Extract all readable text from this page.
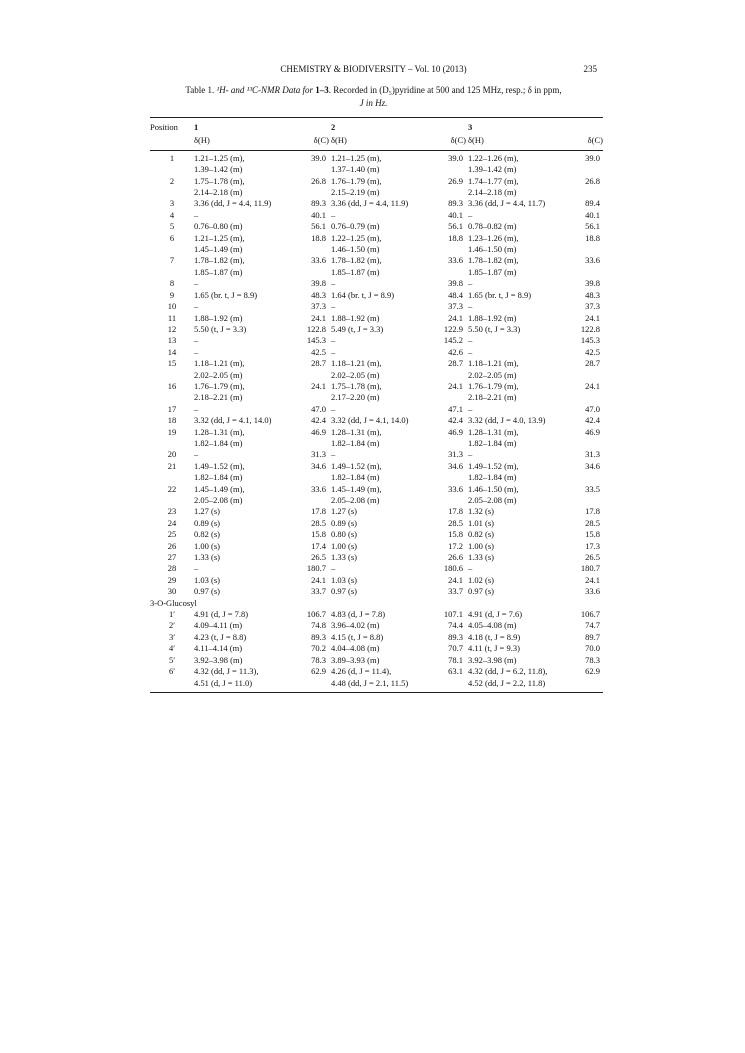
CHEMISTRY & BIODIVERSITY – Vol. 10 (2013)	235
Table 1. ¹H- and ¹³C-NMR Data for 1–3. Recorded in (D₅)pyridine at 500 and 125 MHz, resp.; δ in ppm,
J in Hz.
Position	1			2			3	
	δ(H)	δ(C)		δ(H)	δ(C)		δ(H)	δ(C)
1	1.21–1.25 (m),	39.0		1.21–1.25 (m),	39.0		1.22–1.26 (m),	39.0
	1.39–1.42 (m)			1.37–1.40 (m)			1.39–1.42 (m)	
2	1.75–1.78 (m),	26.8		1.76–1.79 (m),	26.9		1.74–1.77 (m),	26.8
	2.14–2.18 (m)			2.15–2.19 (m)			2.14–2.18 (m)	
3	3.36 (dd, J = 4.4, 11.9)	89.3		3.36 (dd, J = 4.4, 11.9)	89.3		3.36 (dd, J = 4.4, 11.7)	89.4
4	–	40.1		–	40.1		–	40.1
5	0.76–0.80 (m)	56.1		0.76–0.79 (m)	56.1		0.78–0.82 (m)	56.1
6	1.21–1.25 (m),	18.8		1.22–1.25 (m),	18.8		1.23–1.26 (m),	18.8
	1.45–1.49 (m)			1.46–1.50 (m)			1.46–1.50 (m)	
7	1.78–1.82 (m),	33.6		1.78–1.82 (m),	33.6		1.78–1.82 (m),	33.6
	1.85–1.87 (m)			1.85–1.87 (m)			1.85–1.87 (m)	
8	–	39.8		–	39.8		–	39.8
9	1.65 (br. t, J = 8.9)	48.3		1.64 (br. t, J = 8.9)	48.4		1.65 (br. t, J = 8.9)	48.3
10	–	37.3		–	37.3		–	37.3
11	1.88–1.92 (m)	24.1		1.88–1.92 (m)	24.1		1.88–1.92 (m)	24.1
12	5.50 (t, J = 3.3)	122.8		5.49 (t, J = 3.3)	122.9		5.50 (t, J = 3.3)	122.8
13	–	145.3		–	145.2		–	145.3
14	–	42.5		–	42.6		–	42.5
15	1.18–1.21 (m),	28.7		1.18–1.21 (m),	28.7		1.18–1.21 (m),	28.7
	2.02–2.05 (m)			2.02–2.05 (m)			2.02–2.05 (m)	
16	1.76–1.79 (m),	24.1		1.75–1.78 (m),	24.1		1.76–1.79 (m),	24.1
	2.18–2.21 (m)			2.17–2.20 (m)			2.18–2.21 (m)	
17	–	47.0		–	47.1		–	47.0
18	3.32 (dd, J = 4.1, 14.0)	42.4		3.32 (dd, J = 4.1, 14.0)	42.4		3.32 (dd, J = 4.0, 13.9)	42.4
19	1.28–1.31 (m),	46.9		1.28–1.31 (m),	46.9		1.28–1.31 (m),	46.9
	1.82–1.84 (m)			1.82–1.84 (m)			1.82–1.84 (m)	
20	–	31.3		–	31.3		–	31.3
21	1.49–1.52 (m),	34.6		1.49–1.52 (m),	34.6		1.49–1.52 (m),	34.6
	1.82–1.84 (m)			1.82–1.84 (m)			1.82–1.84 (m)	
22	1.45–1.49 (m),	33.6		1.45–1.49 (m),	33.6		1.46–1.50 (m),	33.5
	2.05–2.08 (m)			2.05–2.08 (m)			2.05–2.08 (m)	
23	1.27 (s)	17.8		1.27 (s)	17.8		1.32 (s)	17.8
24	0.89 (s)	28.5		0.89 (s)	28.5		1.01 (s)	28.5
25	0.82 (s)	15.8		0.80 (s)	15.8		0.82 (s)	15.8
26	1.00 (s)	17.4		1.00 (s)	17.2		1.00 (s)	17.3
27	1.33 (s)	26.5		1.33 (s)	26.6		1.33 (s)	26.5
28	–	180.7		–	180.6		–	180.7
29	1.03 (s)	24.1		1.03 (s)	24.1		1.02 (s)	24.1
30	0.97 (s)	33.7		0.97 (s)	33.7		0.97 (s)	33.6
3-O-Glucosyl								
1′	4.91 (d, J = 7.8)	106.7		4.83 (d, J = 7.8)	107.1		4.91 (d, J = 7.6)	106.7
2′	4.09–4.11 (m)	74.8		3.96–4.02 (m)	74.4		4.05–4.08 (m)	74.7
3′	4.23 (t, J = 8.8)	89.3		4.15 (t, J = 8.8)	89.3		4.18 (t, J = 8.9)	89.7
4′	4.11–4.14 (m)	70.2		4.04–4.08 (m)	70.7		4.11 (t, J = 9.3)	70.0
5′	3.92–3.98 (m)	78.3		3.89–3.93 (m)	78.1		3.92–3.98 (m)	78.3
6′	4.32 (dd, J = 11.3),	62.9		4.26 (d, J = 11.4),	63.1		4.32 (dd, J = 6.2, 11.8),	62.9
	4.51 (d, J = 11.0)			4.48 (dd, J = 2.1, 11.5)			4.52 (dd, J = 2.2, 11.8)	
